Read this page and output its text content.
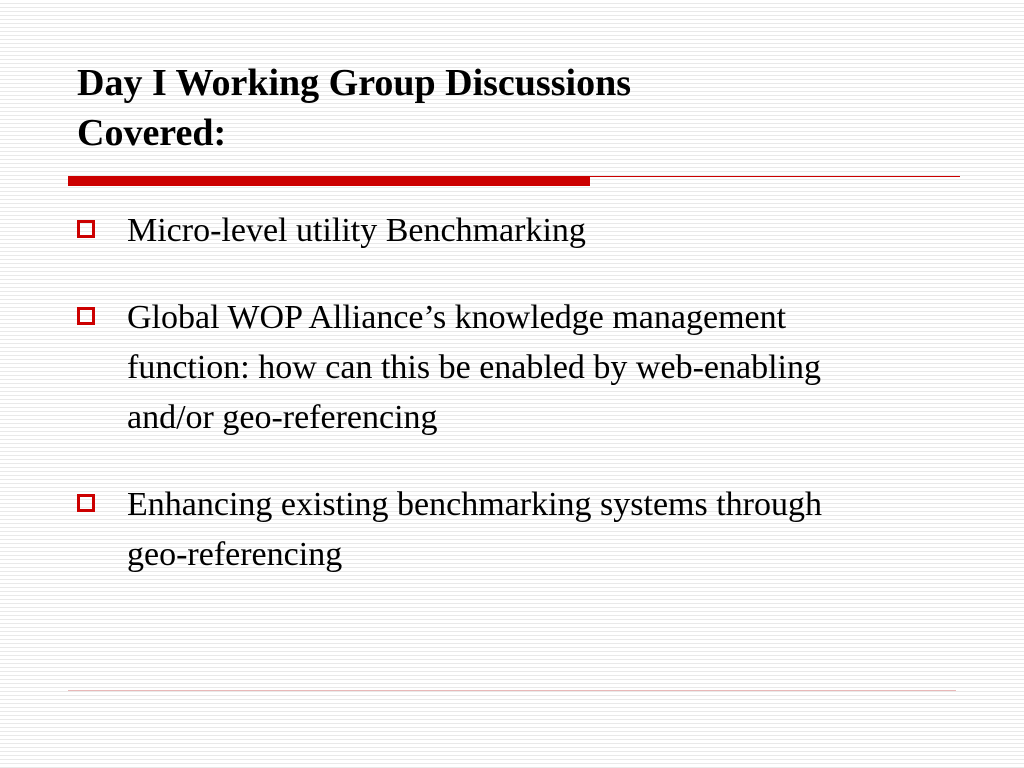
Day I Working Group Discussions
Covered:
Micro-level utility Benchmarking
Global WOP Alliance’s knowledge management
function: how can this be enabled by web-enabling
and/or geo-referencing
Enhancing existing benchmarking systems through
geo-referencing
